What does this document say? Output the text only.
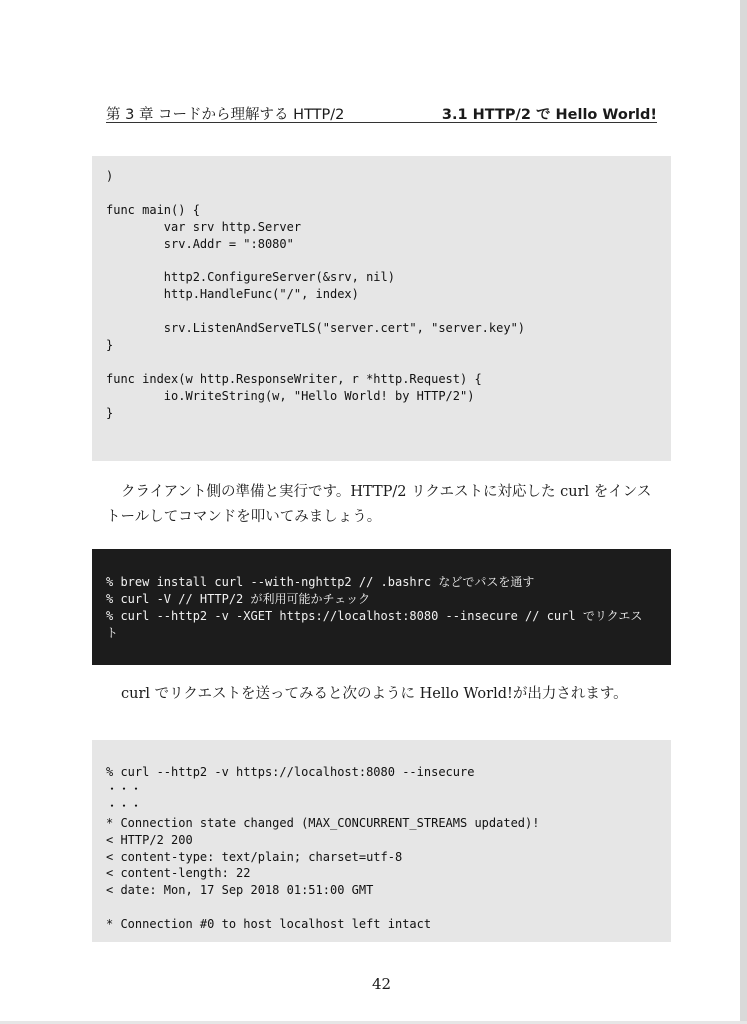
第 3 章 コードから理解する HTTP/2	3.1 HTTP/2 で Hello World!
)

func main() {
var srv http.Server
srv.Addr = ":8080"

http2.ConfigureServer(&srv, nil)
http.HandleFunc("/", index)

srv.ListenAndServeTLS("server.cert", "server.key")
}

func index(w http.ResponseWriter, r *http.Request) {
io.WriteString(w, "Hello World! by HTTP/2")
}

クライアント側の準備と実行です。HTTP/2 リクエストに対応した curl をインストールしてコマンドを叩いてみましょう。

% brew install curl --with-nghttp2 // .bashrc などでパスを通す
% curl -V // HTTP/2 が利用可能かチェック
% curl --http2 -v -XGET https://localhost:8080 --insecure // curl でリクエス
ト

curl でリクエストを送ってみると次のように Hello World!が出力されます。

% curl --http2 -v https://localhost:8080 --insecure
・・・
・・・
* Connection state changed (MAX_CONCURRENT_STREAMS updated)!
< HTTP/2 200
< content-type: text/plain; charset=utf-8
< content-length: 22
< date: Mon, 17 Sep 2018 01:51:00 GMT

* Connection #0 to host localhost left intact
42
